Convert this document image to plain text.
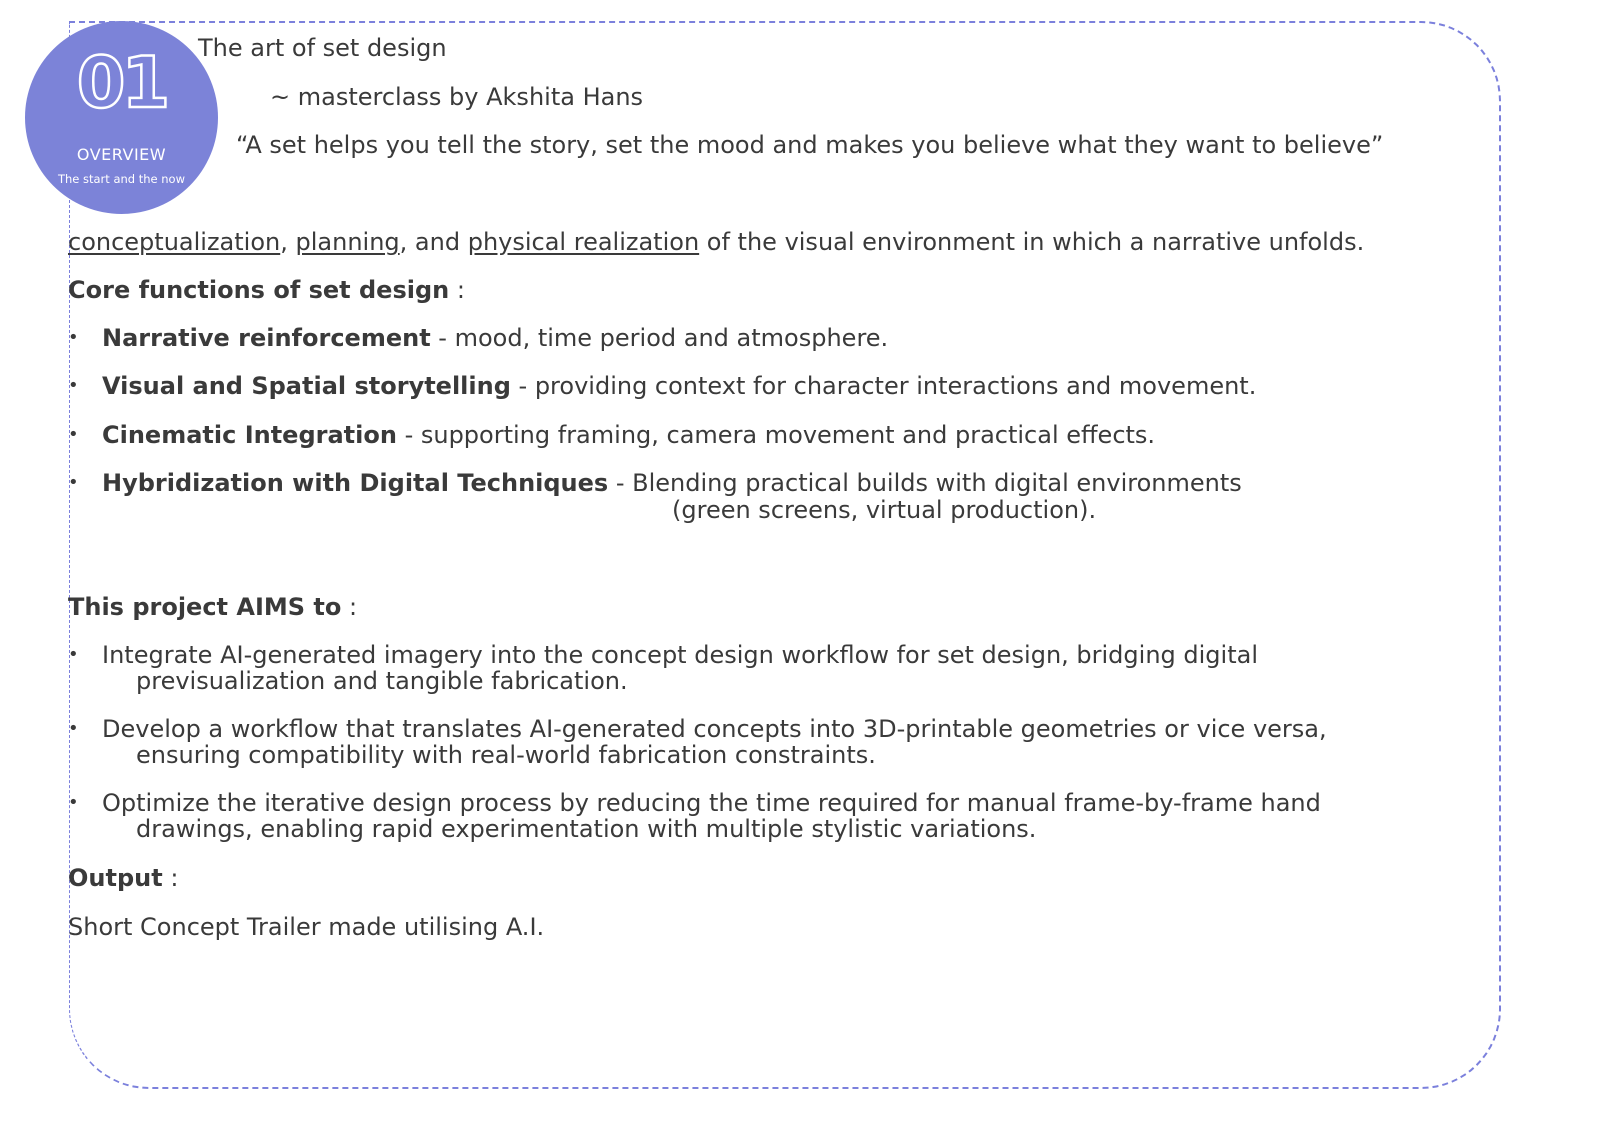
01
OVERVIEW
The start and the now
The art of set design
~ masterclass by Akshita Hans
“A set helps you tell the story, set the mood and makes you believe what they want to believe”
conceptualization, planning, and physical realization of the visual environment in which a narrative unfolds.
Core functions of set design :
• Narrative reinforcement - mood, time period and atmosphere.
• Visual and Spatial storytelling - providing context for character interactions and movement.
• Cinematic Integration - supporting framing, camera movement and practical effects.
• Hybridization with Digital Techniques - Blending practical builds with digital environments
(green screens, virtual production).
This project AIMS to :
• Integrate AI-generated imagery into the concept design workflow for set design, bridging digital
previsualization and tangible fabrication.
• Develop a workflow that translates AI-generated concepts into 3D-printable geometries or vice versa,
ensuring compatibility with real-world fabrication constraints.
• Optimize the iterative design process by reducing the time required for manual frame-by-frame hand
drawings, enabling rapid experimentation with multiple stylistic variations.
Output :
Short Concept Trailer made utilising A.I.
